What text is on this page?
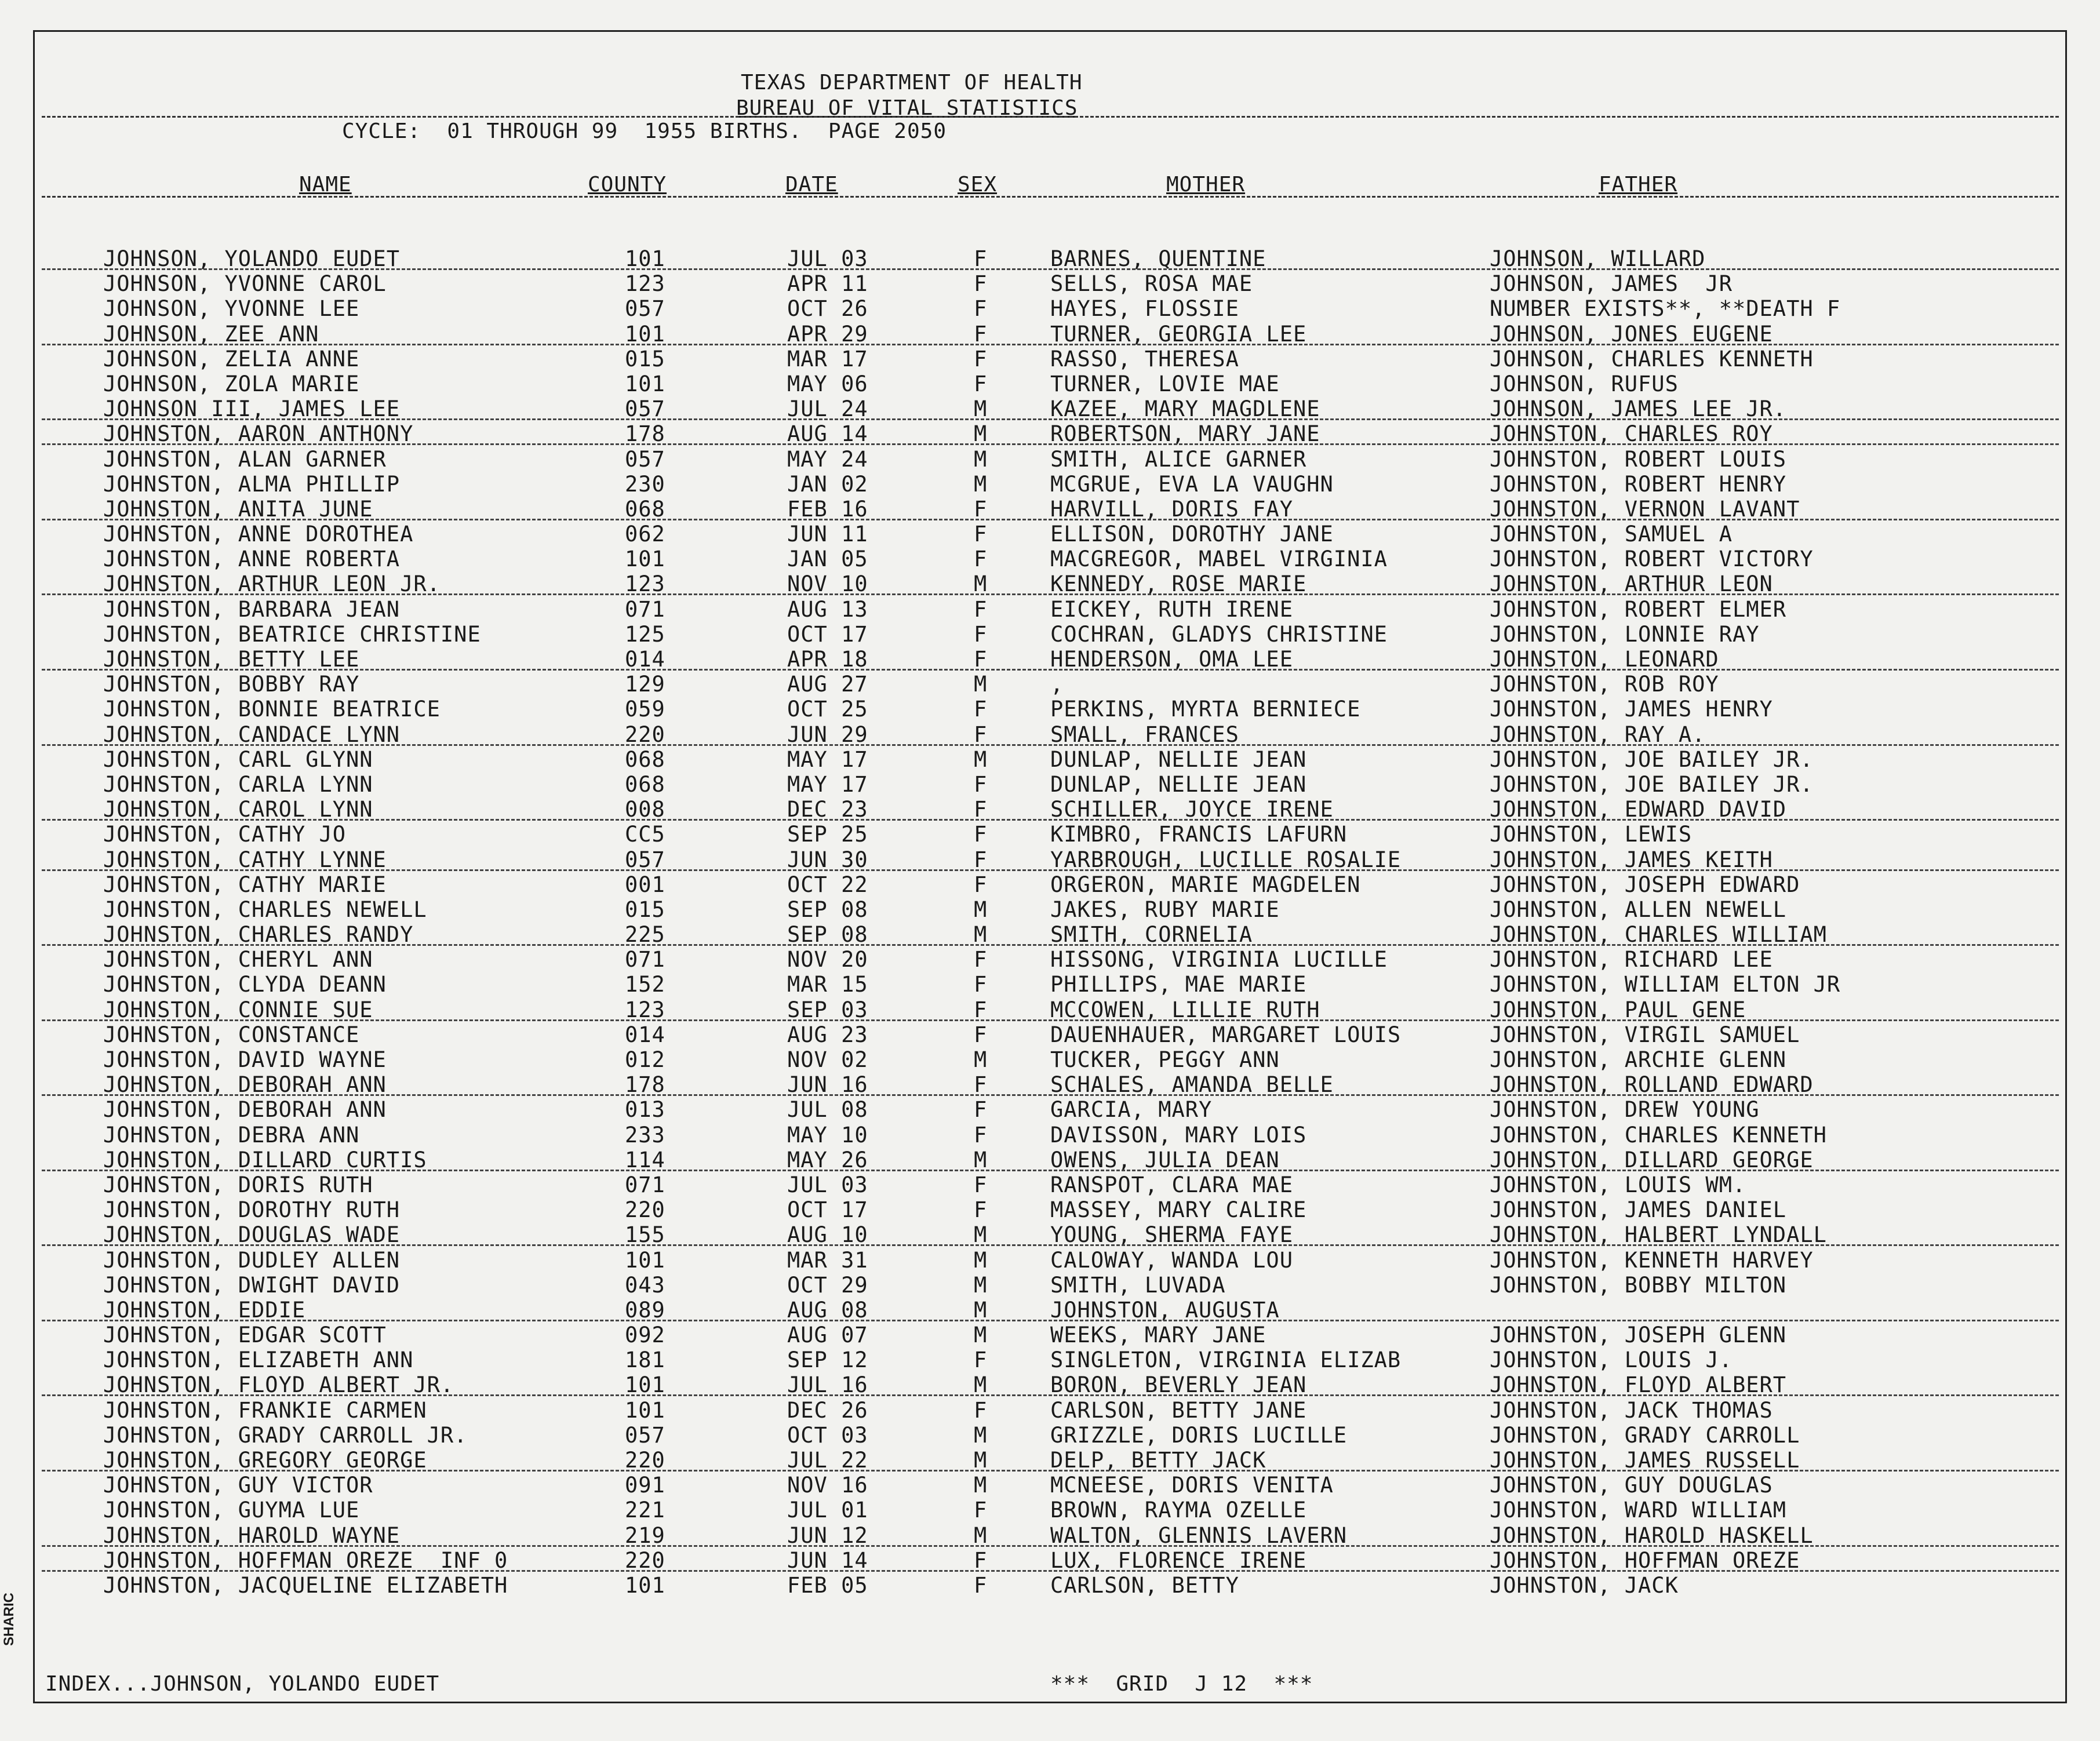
TEXAS DEPARTMENT OF HEALTH
BUREAU OF VITAL STATISTICS
CYCLE:  01 THROUGH 99  1955 BIRTHS.  PAGE 2050
NAME	COUNTY	DATE	SEX	MOTHER	FATHER
JOHNSON, YOLANDO EUDET	101	JUL 03	F	BARNES, QUENTINE	JOHNSON, WILLARD
JOHNSON, YVONNE CAROL	123	APR 11	F	SELLS, ROSA MAE	JOHNSON, JAMES  JR
JOHNSON, YVONNE LEE	057	OCT 26	F	HAYES, FLOSSIE	NUMBER EXISTS**, **DEATH F
JOHNSON, ZEE ANN	101	APR 29	F	TURNER, GEORGIA LEE	JOHNSON, JONES EUGENE
JOHNSON, ZELIA ANNE	015	MAR 17	F	RASSO, THERESA	JOHNSON, CHARLES KENNETH
JOHNSON, ZOLA MARIE	101	MAY 06	F	TURNER, LOVIE MAE	JOHNSON, RUFUS
JOHNSON III, JAMES LEE	057	JUL 24	M	KAZEE, MARY MAGDLENE	JOHNSON, JAMES LEE JR.
JOHNSTON, AARON ANTHONY	178	AUG 14	M	ROBERTSON, MARY JANE	JOHNSTON, CHARLES ROY
JOHNSTON, ALAN GARNER	057	MAY 24	M	SMITH, ALICE GARNER	JOHNSTON, ROBERT LOUIS
JOHNSTON, ALMA PHILLIP	230	JAN 02	M	MCGRUE, EVA LA VAUGHN	JOHNSTON, ROBERT HENRY
JOHNSTON, ANITA JUNE	068	FEB 16	F	HARVILL, DORIS FAY	JOHNSTON, VERNON LAVANT
JOHNSTON, ANNE DOROTHEA	062	JUN 11	F	ELLISON, DOROTHY JANE	JOHNSTON, SAMUEL A
JOHNSTON, ANNE ROBERTA	101	JAN 05	F	MACGREGOR, MABEL VIRGINIA	JOHNSTON, ROBERT VICTORY
JOHNSTON, ARTHUR LEON JR.	123	NOV 10	M	KENNEDY, ROSE MARIE	JOHNSTON, ARTHUR LEON
JOHNSTON, BARBARA JEAN	071	AUG 13	F	EICKEY, RUTH IRENE	JOHNSTON, ROBERT ELMER
JOHNSTON, BEATRICE CHRISTINE	125	OCT 17	F	COCHRAN, GLADYS CHRISTINE	JOHNSTON, LONNIE RAY
JOHNSTON, BETTY LEE	014	APR 18	F	HENDERSON, OMA LEE	JOHNSTON, LEONARD
JOHNSTON, BOBBY RAY	129	AUG 27	M	,	JOHNSTON, ROB ROY
JOHNSTON, BONNIE BEATRICE	059	OCT 25	F	PERKINS, MYRTA BERNIECE	JOHNSTON, JAMES HENRY
JOHNSTON, CANDACE LYNN	220	JUN 29	F	SMALL, FRANCES	JOHNSTON, RAY A.
JOHNSTON, CARL GLYNN	068	MAY 17	M	DUNLAP, NELLIE JEAN	JOHNSTON, JOE BAILEY JR.
JOHNSTON, CARLA LYNN	068	MAY 17	F	DUNLAP, NELLIE JEAN	JOHNSTON, JOE BAILEY JR.
JOHNSTON, CAROL LYNN	008	DEC 23	F	SCHILLER, JOYCE IRENE	JOHNSTON, EDWARD DAVID
JOHNSTON, CATHY JO	CC5	SEP 25	F	KIMBRO, FRANCIS LAFURN	JOHNSTON, LEWIS
JOHNSTON, CATHY LYNNE	057	JUN 30	F	YARBROUGH, LUCILLE ROSALIE	JOHNSTON, JAMES KEITH
JOHNSTON, CATHY MARIE	001	OCT 22	F	ORGERON, MARIE MAGDELEN	JOHNSTON, JOSEPH EDWARD
JOHNSTON, CHARLES NEWELL	015	SEP 08	M	JAKES, RUBY MARIE	JOHNSTON, ALLEN NEWELL
JOHNSTON, CHARLES RANDY	225	SEP 08	M	SMITH, CORNELIA	JOHNSTON, CHARLES WILLIAM
JOHNSTON, CHERYL ANN	071	NOV 20	F	HISSONG, VIRGINIA LUCILLE	JOHNSTON, RICHARD LEE
JOHNSTON, CLYDA DEANN	152	MAR 15	F	PHILLIPS, MAE MARIE	JOHNSTON, WILLIAM ELTON JR
JOHNSTON, CONNIE SUE	123	SEP 03	F	MCCOWEN, LILLIE RUTH	JOHNSTON, PAUL GENE
JOHNSTON, CONSTANCE	014	AUG 23	F	DAUENHAUER, MARGARET LOUIS	JOHNSTON, VIRGIL SAMUEL
JOHNSTON, DAVID WAYNE	012	NOV 02	M	TUCKER, PEGGY ANN	JOHNSTON, ARCHIE GLENN
JOHNSTON, DEBORAH ANN	178	JUN 16	F	SCHALES, AMANDA BELLE	JOHNSTON, ROLLAND EDWARD
JOHNSTON, DEBORAH ANN	013	JUL 08	F	GARCIA, MARY	JOHNSTON, DREW YOUNG
JOHNSTON, DEBRA ANN	233	MAY 10	F	DAVISSON, MARY LOIS	JOHNSTON, CHARLES KENNETH
JOHNSTON, DILLARD CURTIS	114	MAY 26	M	OWENS, JULIA DEAN	JOHNSTON, DILLARD GEORGE
JOHNSTON, DORIS RUTH	071	JUL 03	F	RANSPOT, CLARA MAE	JOHNSTON, LOUIS WM.
JOHNSTON, DOROTHY RUTH	220	OCT 17	F	MASSEY, MARY CALIRE	JOHNSTON, JAMES DANIEL
JOHNSTON, DOUGLAS WADE	155	AUG 10	M	YOUNG, SHERMA FAYE	JOHNSTON, HALBERT LYNDALL
JOHNSTON, DUDLEY ALLEN	101	MAR 31	M	CALOWAY, WANDA LOU	JOHNSTON, KENNETH HARVEY
JOHNSTON, DWIGHT DAVID	043	OCT 29	M	SMITH, LUVADA	JOHNSTON, BOBBY MILTON
JOHNSTON, EDDIE	089	AUG 08	M	JOHNSTON, AUGUSTA
JOHNSTON, EDGAR SCOTT	092	AUG 07	M	WEEKS, MARY JANE	JOHNSTON, JOSEPH GLENN
JOHNSTON, ELIZABETH ANN	181	SEP 12	F	SINGLETON, VIRGINIA ELIZAB	JOHNSTON, LOUIS J.
JOHNSTON, FLOYD ALBERT JR.	101	JUL 16	M	BORON, BEVERLY JEAN	JOHNSTON, FLOYD ALBERT
JOHNSTON, FRANKIE CARMEN	101	DEC 26	F	CARLSON, BETTY JANE	JOHNSTON, JACK THOMAS
JOHNSTON, GRADY CARROLL JR.	057	OCT 03	M	GRIZZLE, DORIS LUCILLE	JOHNSTON, GRADY CARROLL
JOHNSTON, GREGORY GEORGE	220	JUL 22	M	DELP, BETTY JACK	JOHNSTON, JAMES RUSSELL
JOHNSTON, GUY VICTOR	091	NOV 16	M	MCNEESE, DORIS VENITA	JOHNSTON, GUY DOUGLAS
JOHNSTON, GUYMA LUE	221	JUL 01	F	BROWN, RAYMA OZELLE	JOHNSTON, WARD WILLIAM
JOHNSTON, HAROLD WAYNE	219	JUN 12	M	WALTON, GLENNIS LAVERN	JOHNSTON, HAROLD HASKELL
JOHNSTON, HOFFMAN OREZE  INF 0	220	JUN 14	F	LUX, FLORENCE IRENE	JOHNSTON, HOFFMAN OREZE
JOHNSTON, JACQUELINE ELIZABETH	101	FEB 05	F	CARLSON, BETTY	JOHNSTON, JACK
INDEX...JOHNSON, YOLANDO EUDET	***  GRID  J 12  ***
SHARIC
